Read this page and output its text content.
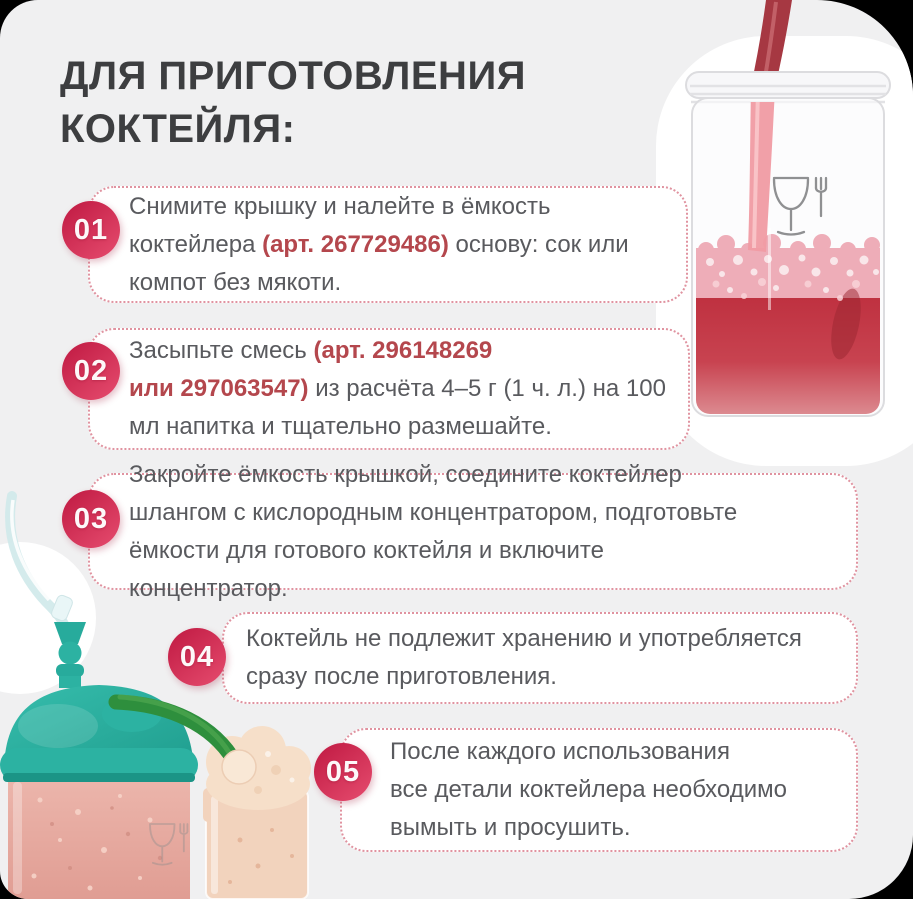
ДЛЯ ПРИГОТОВЛЕНИЯ
КОКТЕЙЛЯ:
01

Снимите крышку и налейте в ёмкость коктейлера (арт. 267729486) основу: сок или компот без мякоти.

02

Засыпьте смесь (арт. 296148269
или 297063547) из расчёта 4–5 г (1 ч. л.) на 100 мл напитка и тщательно размешайте.

03

Закройте ёмкость крышкой, соедините коктейлер шлангом с кислородным концентратором, подготовьте ёмкости для готового коктейля и включите концентратор.

04

Коктейль не подлежит хранению и употребляется сразу после приготовления.

05

После каждого использования
все детали коктейлера необходимо
вымыть и просушить.
